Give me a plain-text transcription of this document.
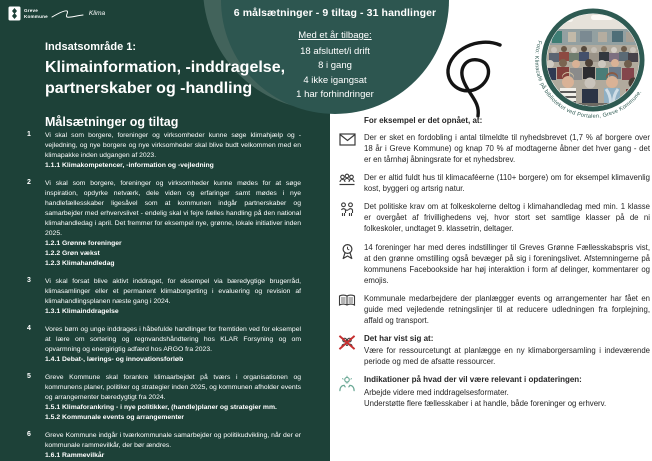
Greve
Kommune	Klima	6 målsætninger - 9 tiltag - 31 handlinger
Med et år tilbage:
18 afsluttet/i drift
8 i gang
4 ikke igangsat
1 har forhindringer
Foto: Klimacafé på biblioteket ved Portalen, Greve Kommune.
Indsatsområde 1:
Klimainformation, -inddragelse,
partnerskaber og -handling
Målsætninger og tiltag
1	Vi skal som borgere, foreninger og virksomheder kunne søge klimahjælp og -vejledning, og nye borgere og nye virksomheder skal blive budt velkommen med en klimapakke inden udgangen af 2023.
1.1.1 Klimakompetencer, -information og -vejledning
2	Vi skal som borgere, foreninger og virksomheder kunne mødes for at søge inspiration, opdyrke netværk, dele viden og erfaringer samt mødes i nye handlefællesskaber ligesåvel som at kommunen indgår partnerskaber og samarbejder med erhvervslivet - endelig skal vi fejre fælles handling på den national klimahandledag i april. Det fremmer for eksempel nye, grønne, lokale initiativer inden 2025.
1.2.1 Grønne foreninger
1.2.2 Grøn vækst
1.2.3 Klimahandledag
3	Vi skal forsat blive aktivt inddraget, for eksempel via bæredygtige brugerråd, klimasamlinger eller et permanent klimaborgerting i evaluering og revision af klimahandlingsplanen næste gang i 2024.
1.3.1 Klimainddragelse
4	Vores børn og unge inddrages i håbefulde handlinger for fremtiden ved for eksempel at lære om sortering og regnvandshåndtering hos KLAR Forsyning og om opvarmning og energirigtig adfærd hos ARGO fra 2023.
1.4.1 Debat-, lærings- og innovationsforløb
5	Greve Kommune skal forankre klimaarbejdet på tværs i organisationen og kommunens planer, politiker og strategier inden 2025, og kommunen afholder events og arrangementer bæredygtigt fra 2024.
1.5.1 Klimaforankring - i nye politikker, (handle)planer og strategier mm.
1.5.2 Kommunale events og arrangementer
6	Greve Kommune indgår i tværkommunale samarbejder og politikudvikling, når der er kommunale rammevilkår, der bør ændres.
1.6.1 Rammevilkår
For eksempel er det opnået, at:
Der er sket en fordobling i antal tilmeldte til nyhedsbrevet (1,7 % af borgere over 18 år i Greve Kommune) og knap 70 % af modtagerne åbner det hver gang - det er en tårnhøj åbningsrate for et nyhedsbrev.
Der er altid fuldt hus til klimacaféerne (110+ borgere) om for eksempel klimavenlig kost, byggeri og artsrig natur.
Det politiske krav om at folkeskolerne deltog i klimahandledag med min. 1 klasse er overgået af frivillighedens vej, hvor stort set samtlige klasser på de ni folkeskoler, undtaget 9. klassetrin, deltager.
14 foreninger har med deres indstillinger til Greves Grønne Fællesskabspris vist, at den grønne omstilling også bevæger på sig i foreningslivet. Afstemningerne på kommunens Facebookside har høj interaktion i form af delinger, kommentarer og emojis.
Kommunale medarbejdere der planlægger events og arrangementer har fået en guide med vejledende retningslinjer til at reducere udledningen fra forplejning, affald og transport.
Det har vist sig at:
Være for ressourcetungt at planlægge en ny klimaborgersamling i indeværende periode og med de afsatte ressourcer.
Indikationer på hvad der vil være relevant i opdateringen:
Arbejde videre med inddragelsesformater.
Understøtte flere fællesskaber i at handle, både foreninger og erhverv.
